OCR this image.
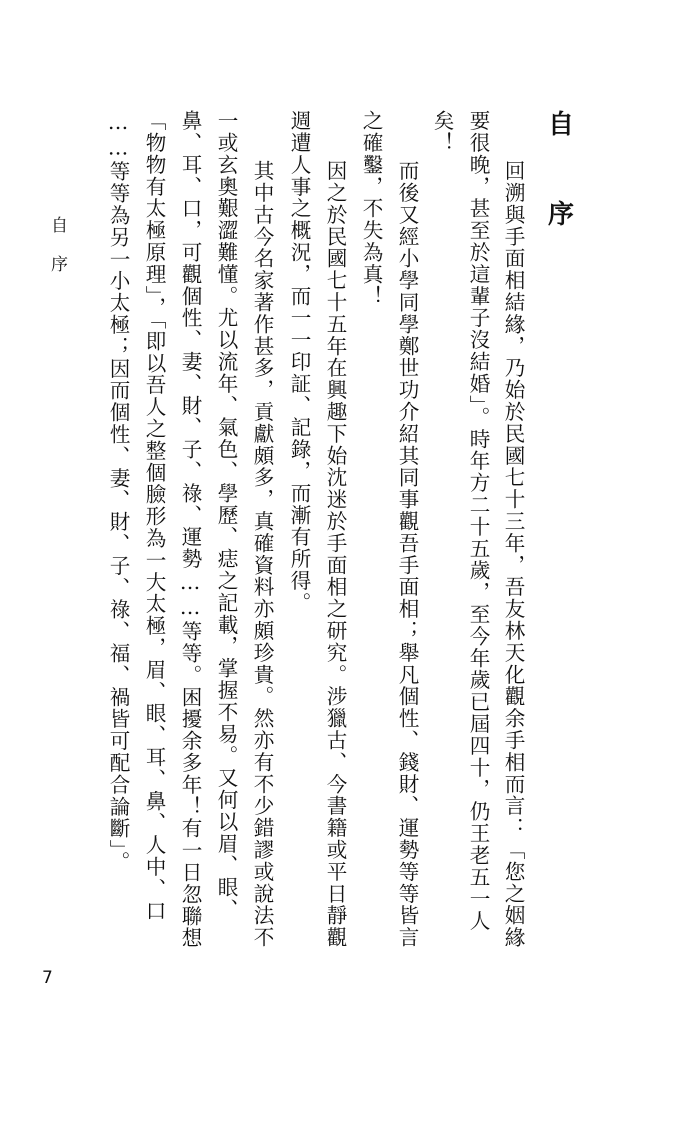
自
序
回溯與手面相結緣，乃始於民國七十三年，吾友林天化觀余手相而言：「您之姻緣
要很晚，甚至於這輩子沒結婚」。時年方二十五歲，至今年歲已屆四十，仍王老五一人
矣！
而後又經小學同學鄭世功介紹其同事觀吾手面相；舉凡個性、錢財、運勢等等皆言
之確鑿，不失為真！
因之於民國七十五年在興趣下始沈迷於手面相之研究。涉獵古、今書籍或平日靜觀
週遭人事之概況，而一一印証、記錄，而漸有所得。
其中古今名家著作甚多，貢獻頗多，真確資料亦頗珍貴。然亦有不少錯謬或說法不
一或玄奧艱澀難懂。尤以流年、氣色、學歷、痣之記載，掌握不易。又何以眉、眼、
鼻、耳、口，可觀個性、妻、財、子、祿、運勢……等等。困擾余多年！有一日忽聯想
「物物有太極原理」，「即以吾人之整個臉形為一大太極，眉、眼、耳、鼻、人中、口
……等等為另一小太極；因而個性、妻、財、子、祿、福、禍皆可配合論斷」。
自序
7
